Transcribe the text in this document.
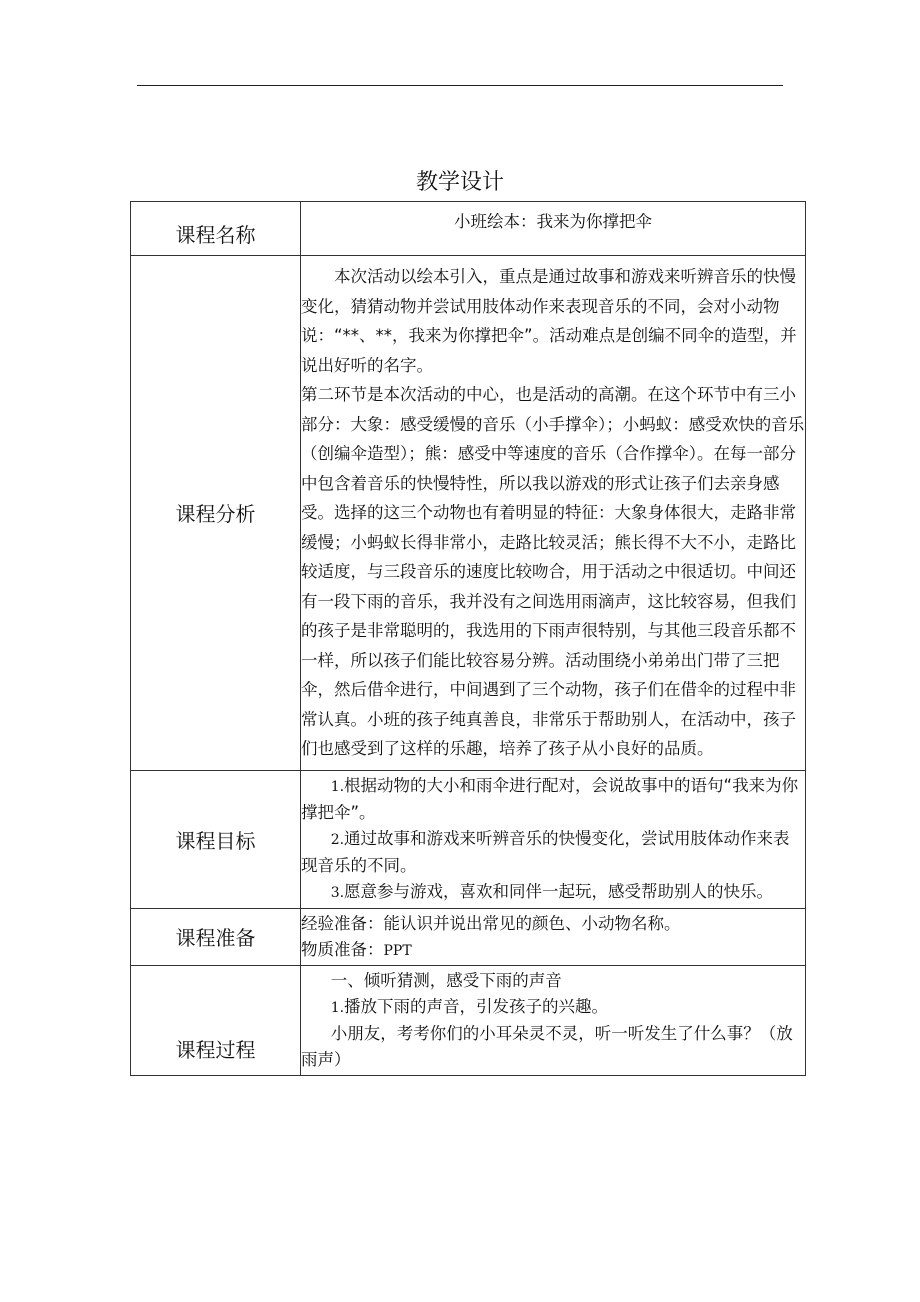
教学设计
课程名称	小班绘本：我来为你撑把伞
课程分析	本次活动以绘本引入，重点是通过故事和游戏来听辨音乐的快慢变化，猜猜动物并尝试用肢体动作来表现音乐的不同，会对小动物说：“**、**，我来为你撑把伞”。活动难点是创编不同伞的造型，并说出好听的名字。

第二环节是本次活动的中心，也是活动的高潮。在这个环节中有三小部分：大象：感受缓慢的音乐（小手撑伞）；小蚂蚁：感受欢快的音乐（创编伞造型）；熊：感受中等速度的音乐（合作撑伞）。在每一部分中包含着音乐的快慢特性，所以我以游戏的形式让孩子们去亲身感受。选择的这三个动物也有着明显的特征：大象身体很大，走路非常缓慢；小蚂蚁长得非常小，走路比较灵活；熊长得不大不小，走路比较适度，与三段音乐的速度比较吻合，用于活动之中很适切。中间还有一段下雨的音乐，我并没有之间选用雨滴声，这比较容易，但我们的孩子是非常聪明的，我选用的下雨声很特别，与其他三段音乐都不一样，所以孩子们能比较容易分辨。活动围绕小弟弟出门带了三把伞，然后借伞进行，中间遇到了三个动物，孩子们在借伞的过程中非常认真。小班的孩子纯真善良，非常乐于帮助别人，在活动中，孩子们也感受到了这样的乐趣，培养了孩子从小良好的品质。

课程目标	1.根据动物的大小和雨伞进行配对，会说故事中的语句“我来为你撑把伞”。

2.通过故事和游戏来听辨音乐的快慢变化，尝试用肢体动作来表现音乐的不同。

3.愿意参与游戏，喜欢和同伴一起玩，感受帮助别人的快乐。

课程准备	经验准备：能认识并说出常见的颜色、小动物名称。

物质准备：PPT

课程过程	一、倾听猜测，感受下雨的声音

1.播放下雨的声音，引发孩子的兴趣。

小朋友，考考你们的小耳朵灵不灵，听一听发生了什么事？（放雨声）
